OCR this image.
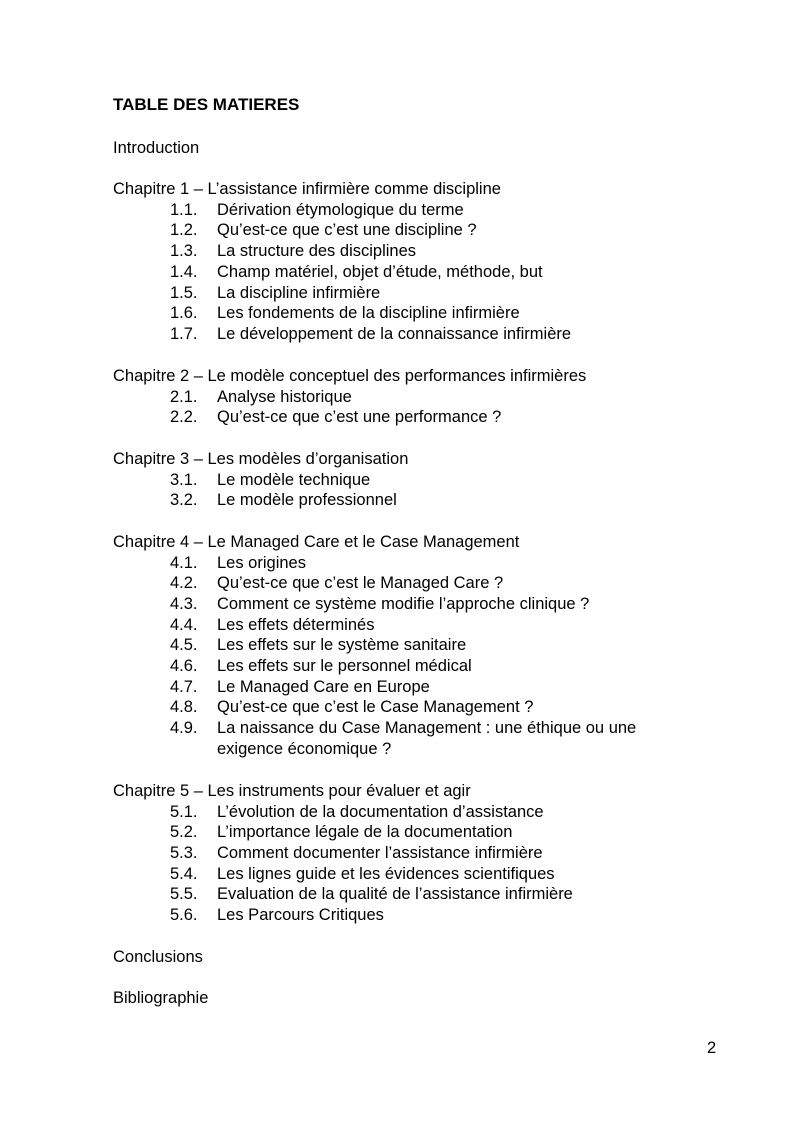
TABLE DES MATIERES
Introduction
Chapitre 1 – L’assistance infirmière comme discipline
1.1. Dérivation étymologique du terme
1.2. Qu’est-ce que c’est une discipline ?
1.3. La structure des disciplines
1.4. Champ matériel, objet d’étude, méthode, but
1.5. La discipline infirmière
1.6. Les fondements de la discipline infirmière
1.7. Le développement de la connaissance infirmière
Chapitre 2 – Le modèle conceptuel des performances infirmières
2.1. Analyse historique
2.2. Qu’est-ce que c’est une performance ?
Chapitre 3 – Les modèles d’organisation
3.1. Le modèle technique
3.2. Le modèle professionnel
Chapitre 4 – Le Managed Care et le Case Management
4.1. Les origines
4.2. Qu’est-ce que c’est le Managed Care ?
4.3. Comment ce système modifie l’approche clinique ?
4.4. Les effets déterminés
4.5. Les effets sur le système sanitaire
4.6. Les effets sur le personnel médical
4.7. Le Managed Care en Europe
4.8. Qu’est-ce que c’est le Case Management ?
4.9. La naissance du Case Management : une éthique ou une
exigence économique ?
Chapitre 5 – Les instruments pour évaluer et agir
5.1. L’évolution de la documentation d’assistance
5.2. L’importance légale de la documentation
5.3. Comment documenter l’assistance infirmière
5.4. Les lignes guide et les évidences scientifiques
5.5. Evaluation de la qualité de l’assistance infirmière
5.6. Les Parcours Critiques
Conclusions
Bibliographie
2
